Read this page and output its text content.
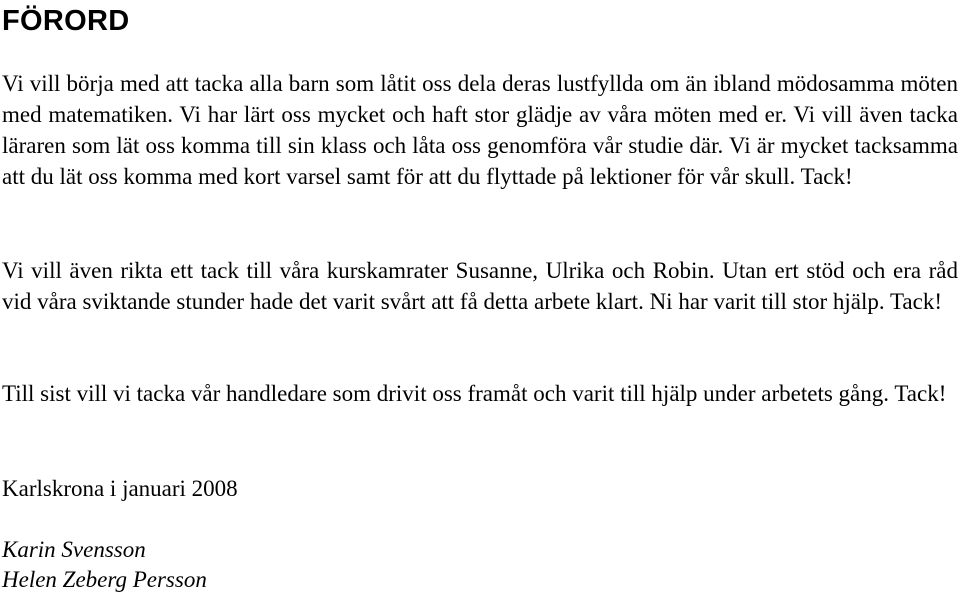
FÖRORD

Vi vill börja med att tacka alla barn som låtit oss dela deras lustfyllda om än ibland mödosamma möten med matematiken. Vi har lärt oss mycket och haft stor glädje av våra möten med er. Vi vill även tacka läraren som lät oss komma till sin klass och låta oss genomföra vår studie där. Vi är mycket tacksamma att du lät oss komma med kort varsel samt för att du flyttade på lektioner för vår skull. Tack!

Vi vill även rikta ett tack till våra kurskamrater Susanne, Ulrika och Robin. Utan ert stöd och era råd vid våra sviktande stunder hade det varit svårt att få detta arbete klart. Ni har varit till stor hjälp. Tack!

Till sist vill vi tacka vår handledare som drivit oss framåt och varit till hjälp under arbetets gång. Tack!

Karlskrona i januari 2008

Karin Svensson

Helen Zeberg Persson
